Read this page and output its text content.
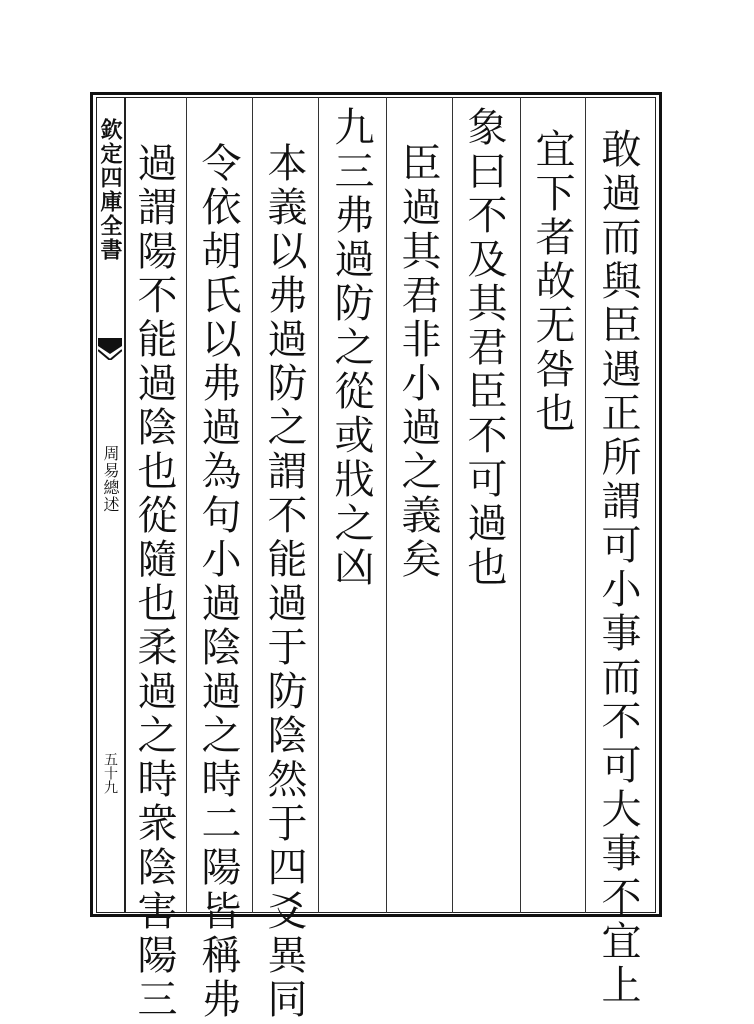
欽定四庫全書
周易總述
五十九	敢過而與臣遇正所謂可小事而不可大事不宜上
宜下者故无咎也
象曰不及其君臣不可過也
臣過其君非小過之義矣
九三弗過防之從或戕之凶
本義以弗過防之謂不能過于防陰然于四爻異同
令依胡氏以弗過為句小過陰過之時二陽皆稱弗
過謂陽不能過陰也從隨也柔過之時衆陰害陽三
